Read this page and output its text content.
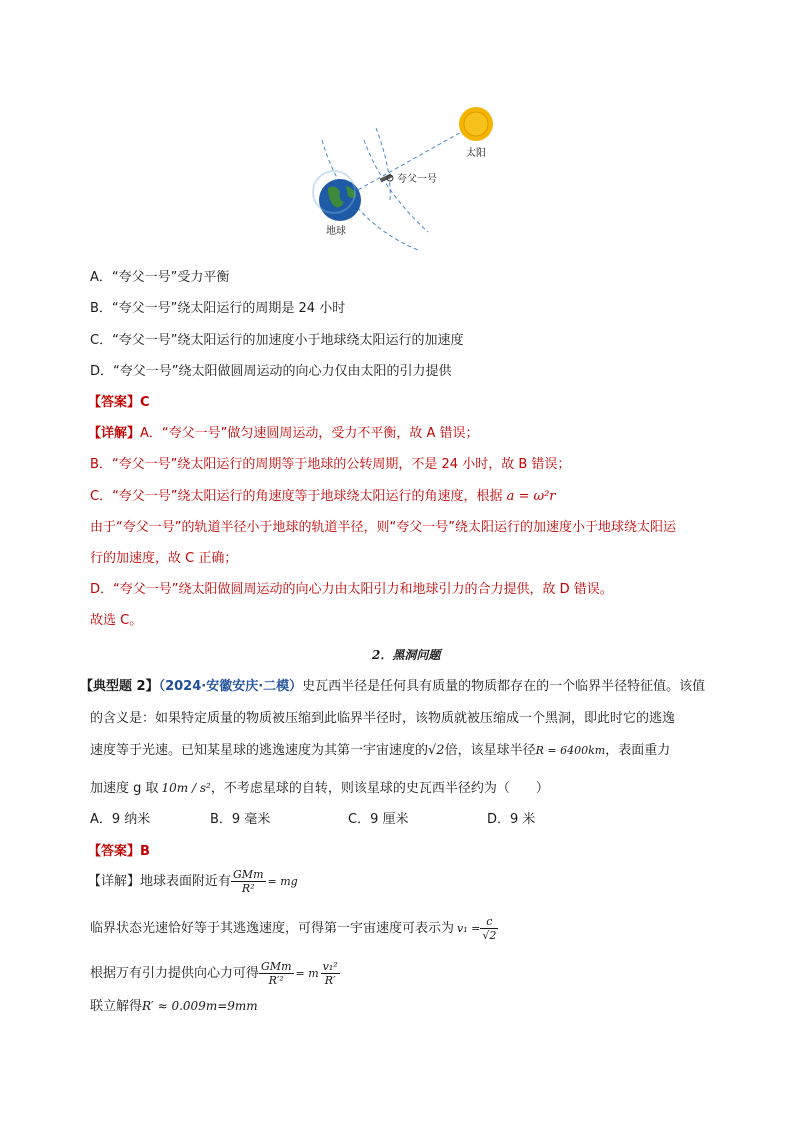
太阳
夸父一号
地球
A．“夸父一号”受力平衡
B．“夸父一号”绕太阳运行的周期是 24 小时
C．“夸父一号”绕太阳运行的加速度小于地球绕太阳运行的加速度
D．“夸父一号”绕太阳做圆周运动的向心力仅由太阳的引力提供
【答案】C
【详解】A．“夸父一号”做匀速圆周运动，受力不平衡，故 A 错误；
B．“夸父一号”绕太阳运行的周期等于地球的公转周期，不是 24 小时，故 B 错误；
C．“夸父一号”绕太阳运行的角速度等于地球绕太阳运行的角速度，根据 a = ω²r
由于“夸父一号”的轨道半径小于地球的轨道半径，则“夸父一号”绕太阳运行的加速度小于地球绕太阳运
行的加速度，故 C 正确；
D．“夸父一号”绕太阳做圆周运动的向心力由太阳引力和地球引力的合力提供，故 D 错误。
故选 C。
2．黑洞问题
【典型题 2】（2024·安徽安庆·二模）史瓦西半径是任何具有质量的物质都存在的一个临界半径特征值。该值
的含义是：如果特定质量的物质被压缩到此临界半径时，该物质就被压缩成一个黑洞，即此时它的逃逸
速度等于光速。已知某星球的逃逸速度为其第一宇宙速度的√2倍，该星球半径R = 6400km，表面重力
加速度 g 取 10m / s²，不考虑星球的自转，则该星球的史瓦西半径约为（　　）
A．9 纳米	B．9 毫米	C．9 厘米	D．9 米
【答案】B
【详解】地球表面附近有 $\frac{\text{GMm}}{\text{R²}}$ = mg
临界状态光速恰好等于其逃逸速度，可得第一宇宙速度可表示为 $v_1 = \frac{c}{√2}$
根据万有引力提供向心力可得 $\frac{\text{GMm}}{\text{R′²}} = m \frac{\text{v₁²}}{R'}$
联立解得R′ ≈ 0.009m=9mm
